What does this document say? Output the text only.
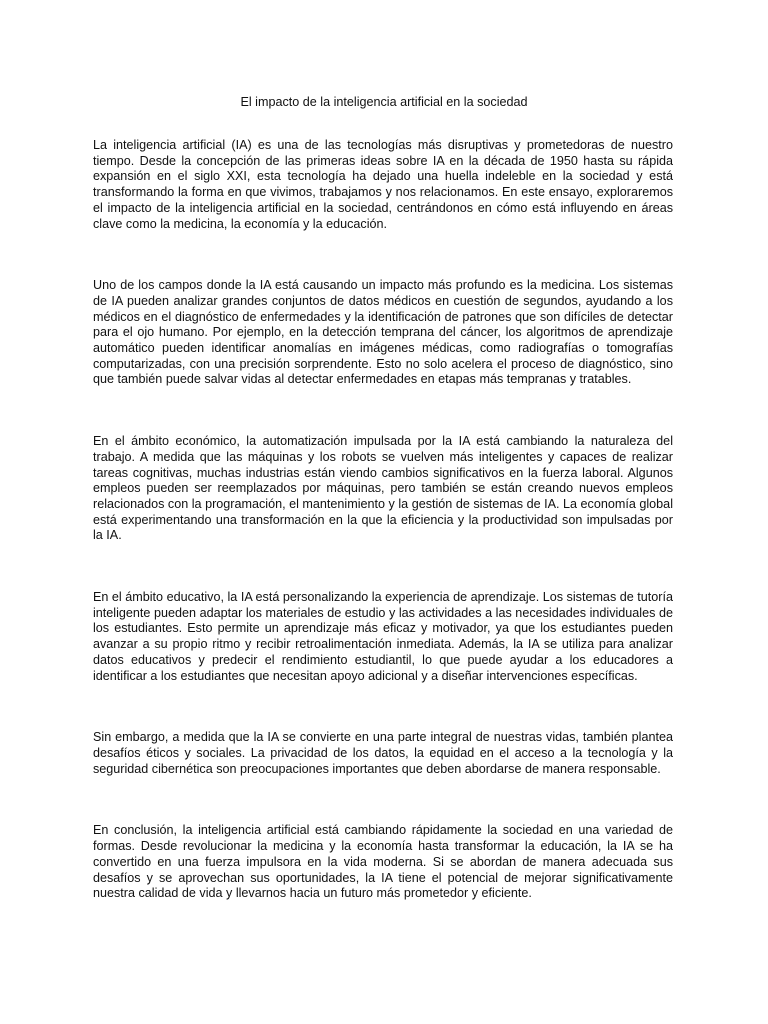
El impacto de la inteligencia artificial en la sociedad

La inteligencia artificial (IA) es una de las tecnologías más disruptivas y prometedoras de nuestro tiempo. Desde la concepción de las primeras ideas sobre IA en la década de 1950 hasta su rápida expansión en el siglo XXI, esta tecnología ha dejado una huella indeleble en la sociedad y está transformando la forma en que vivimos, trabajamos y nos relacionamos. En este ensayo, exploraremos el impacto de la inteligencia artificial en la sociedad, centrándonos en cómo está influyendo en áreas clave como la medicina, la economía y la educación.

Uno de los campos donde la IA está causando un impacto más profundo es la medicina. Los sistemas de IA pueden analizar grandes conjuntos de datos médicos en cuestión de segundos, ayudando a los médicos en el diagnóstico de enfermedades y la identificación de patrones que son difíciles de detectar para el ojo humano. Por ejemplo, en la detección temprana del cáncer, los algoritmos de aprendizaje automático pueden identificar anomalías en imágenes médicas, como radiografías o tomografías computarizadas, con una precisión sorprendente. Esto no solo acelera el proceso de diagnóstico, sino que también puede salvar vidas al detectar enfermedades en etapas más tempranas y tratables.

En el ámbito económico, la automatización impulsada por la IA está cambiando la naturaleza del trabajo. A medida que las máquinas y los robots se vuelven más inteligentes y capaces de realizar tareas cognitivas, muchas industrias están viendo cambios significativos en la fuerza laboral. Algunos empleos pueden ser reemplazados por máquinas, pero también se están creando nuevos empleos relacionados con la programación, el mantenimiento y la gestión de sistemas de IA. La economía global está experimentando una transformación en la que la eficiencia y la productividad son impulsadas por la IA.

En el ámbito educativo, la IA está personalizando la experiencia de aprendizaje. Los sistemas de tutoría inteligente pueden adaptar los materiales de estudio y las actividades a las necesidades individuales de los estudiantes. Esto permite un aprendizaje más eficaz y motivador, ya que los estudiantes pueden avanzar a su propio ritmo y recibir retroalimentación inmediata. Además, la IA se utiliza para analizar datos educativos y predecir el rendimiento estudiantil, lo que puede ayudar a los educadores a identificar a los estudiantes que necesitan apoyo adicional y a diseñar intervenciones específicas.

Sin embargo, a medida que la IA se convierte en una parte integral de nuestras vidas, también plantea desafíos éticos y sociales. La privacidad de los datos, la equidad en el acceso a la tecnología y la seguridad cibernética son preocupaciones importantes que deben abordarse de manera responsable.

En conclusión, la inteligencia artificial está cambiando rápidamente la sociedad en una variedad de formas. Desde revolucionar la medicina y la economía hasta transformar la educación, la IA se ha convertido en una fuerza impulsora en la vida moderna. Si se abordan de manera adecuada sus desafíos y se aprovechan sus oportunidades, la IA tiene el potencial de mejorar significativamente nuestra calidad de vida y llevarnos hacia un futuro más prometedor y eficiente.
